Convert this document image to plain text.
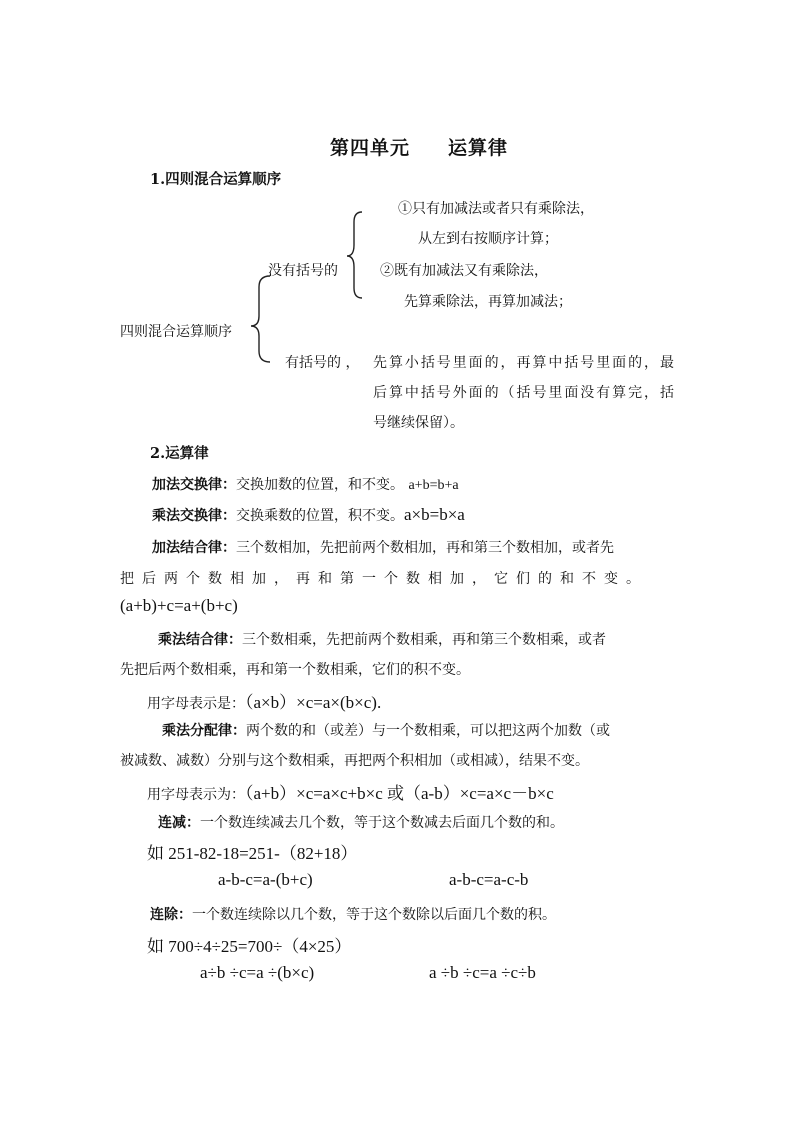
第四单元 运算律
1.四则混合运算顺序
①只有加减法或者只有乘除法，
从左到右按顺序计算；
没有括号的	②既有加减法又有乘除法，
先算乘除法，再算加减法；
四则混合运算顺序
有括号的 ， 先算小括号里面的，再算中括号里面的，最
后算中括号外面的（括号里面没有算完，括
号继续保留）。
2.运算律
加法交换律：交换加数的位置，和不变。 a+b=b+a
乘法交换律：交换乘数的位置，积不变。a×b=b×a
加法结合律：三个数相加，先把前两个数相加，再和第三个数相加，或者先
把后两个数相加，再和第一个数相加，它们的和不变。
(a+b)+c=a+(b+c)
乘法结合律：三个数相乘，先把前两个数相乘，再和第三个数相乘，或者
先把后两个数相乘，再和第一个数相乘，它们的积不变。
用字母表示是：（a×b）×c=a×(b×c).
乘法分配律：两个数的和（或差）与一个数相乘，可以把这两个加数（或
被减数、减数）分别与这个数相乘，再把两个积相加（或相减），结果不变。
用字母表示为：（a+b）×c=a×c+b×c 或（a-b）×c=a×c－b×c
连减：一个数连续减去几个数，等于这个数减去后面几个数的和。
如 251-82-18=251-（82+18）
a-b-c=a-(b+c)	a-b-c=a-c-b
连除：一个数连续除以几个数，等于这个数除以后面几个数的积。
如 700÷4÷25=700÷（4×25）
a÷b ÷c=a ÷(b×c)	a ÷b ÷c=a ÷c÷b
